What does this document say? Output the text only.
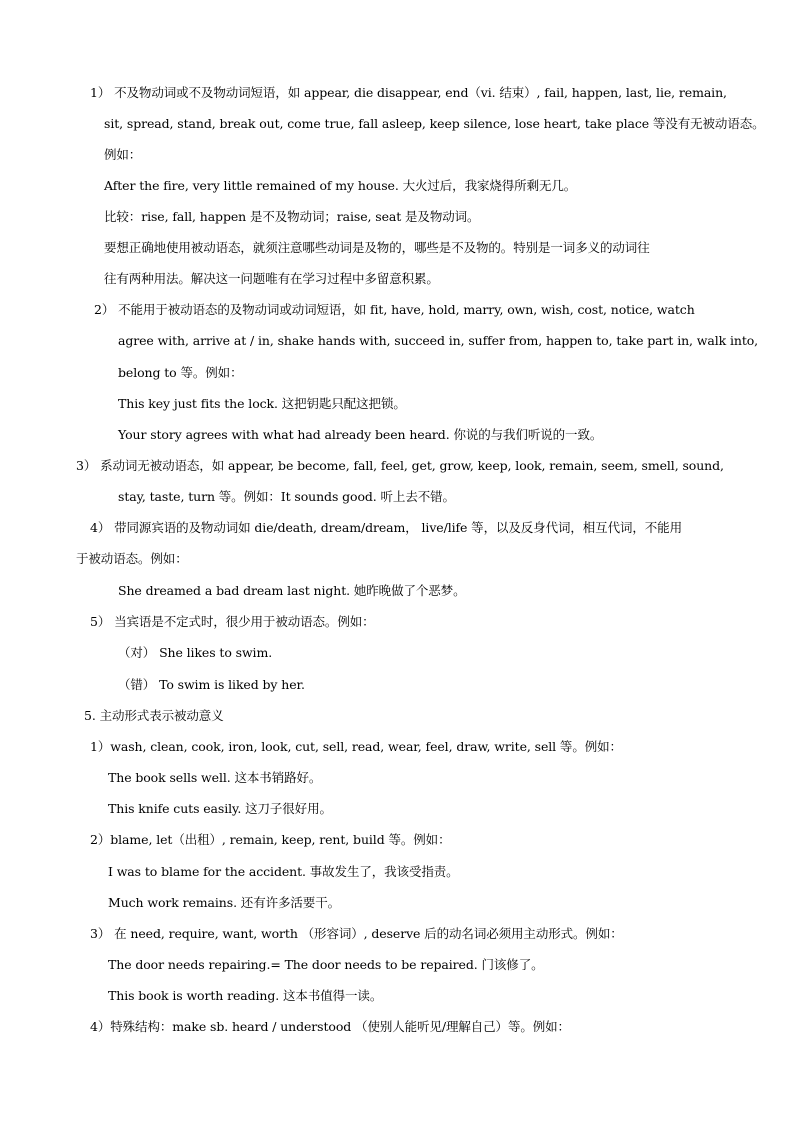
1） 不及物动词或不及物动词短语，如 appear, die disappear, end（vi. 结束）, fail, happen, last, lie, remain,
sit, spread, stand, break out, come true, fall asleep, keep silence, lose heart, take place 等没有无被动语态。
例如：
After the fire, very little remained of my house. 大火过后，我家烧得所剩无几。
比较：rise, fall, happen 是不及物动词；raise, seat 是及物动词。
要想正确地使用被动语态，就须注意哪些动词是及物的，哪些是不及物的。特别是一词多义的动词往
往有两种用法。解决这一问题唯有在学习过程中多留意积累。
2） 不能用于被动语态的及物动词或动词短语，如 fit, have, hold, marry, own, wish, cost, notice, watch
agree with, arrive at / in, shake hands with, succeed in, suffer from, happen to, take part in, walk into,
belong to 等。例如：
This key just fits the lock. 这把钥匙只配这把锁。
Your story agrees with what had already been heard. 你说的与我们听说的一致。
3） 系动词无被动语态，如 appear, be become, fall, feel, get, grow, keep, look, remain, seem, smell, sound,
stay, taste, turn 等。例如：It sounds good. 听上去不错。
4） 带同源宾语的及物动词如 die/death, dream/dream， live/life 等，以及反身代词，相互代词，不能用
于被动语态。例如：
She dreamed a bad dream last night. 她昨晚做了个恶梦。
5） 当宾语是不定式时，很少用于被动语态。例如：
（对） She likes to swim.
（错） To swim is liked by her.
5. 主动形式表示被动意义
1）wash, clean, cook, iron, look, cut, sell, read, wear, feel, draw, write, sell 等。例如：
The book sells well. 这本书销路好。
This knife cuts easily. 这刀子很好用。
2）blame, let（出租）, remain, keep, rent, build 等。例如：
I was to blame for the accident. 事故发生了，我该受指责。
Much work remains. 还有许多活要干。
3） 在 need, require, want, worth （形容词）, deserve 后的动名词必须用主动形式。例如：
The door needs repairing.= The door needs to be repaired. 门该修了。
This book is worth reading. 这本书值得一读。
4）特殊结构：make sb. heard / understood （使别人能听见/理解自己）等。例如：
